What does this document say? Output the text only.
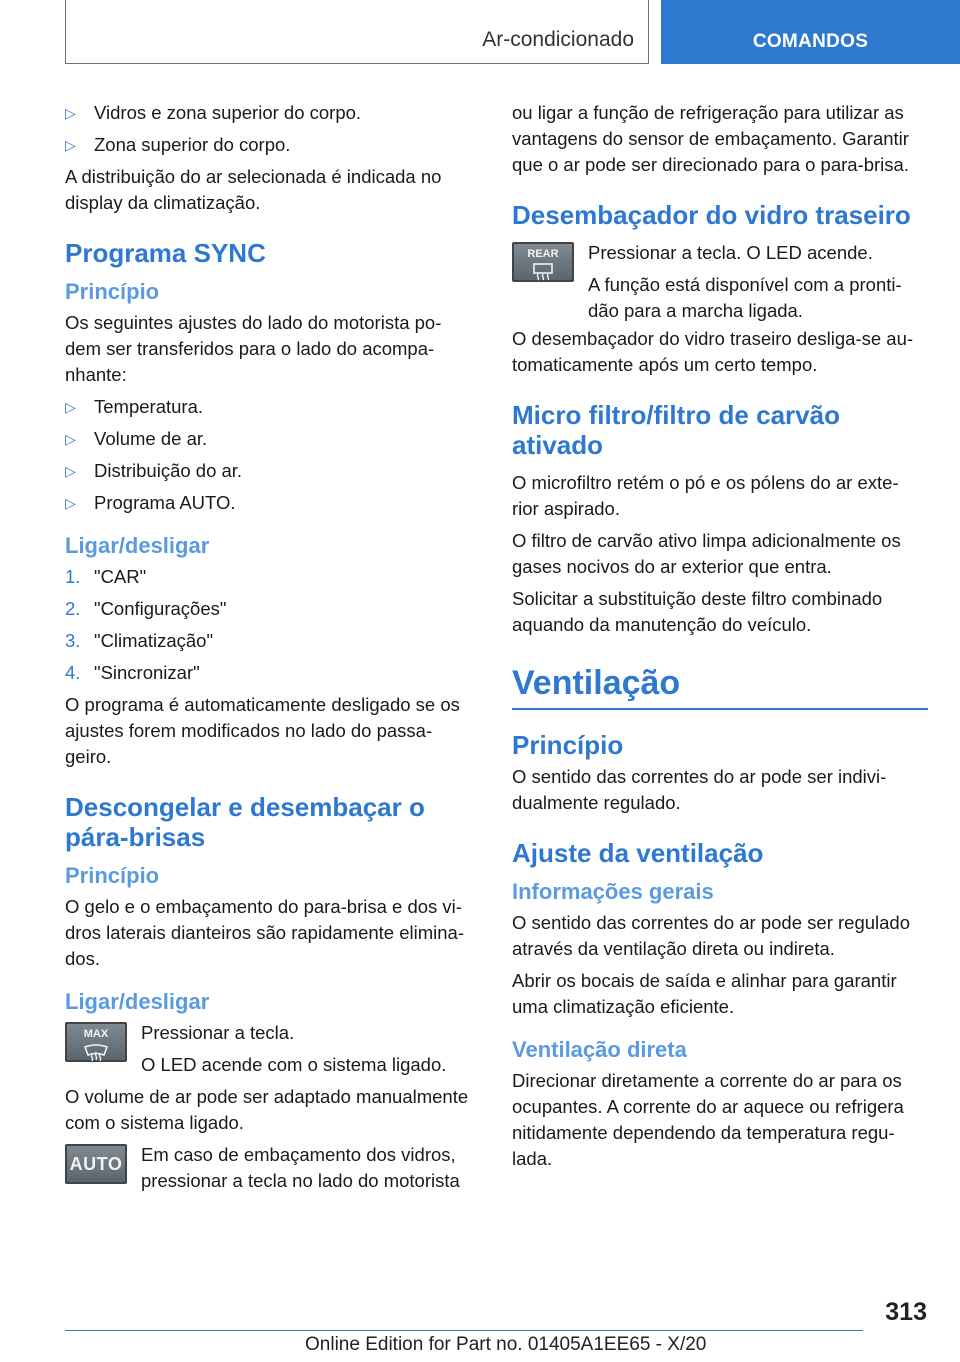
Ar-condicionado	COMANDOS
▷ Vidros e zona superior do corpo.
▷ Zona superior do corpo.

A distribuição do ar selecionada é indicada no display da climatização.

Programa SYNC
Princípio

Os seguintes ajustes do lado do motorista po- dem ser transferidos para o lado do acompa- nhante:

▷ Temperatura.
▷ Volume de ar.
▷ Distribuição do ar.
▷ Programa AUTO.
Ligar/desligar
1. "CAR"
2. "Configurações"
3. "Climatização"
4. "Sincronizar"

O programa é automaticamente desligado se os ajustes forem modificados no lado do passa- geiro.

Descongelar e desembaçar o pára-brisas
Princípio

O gelo e o embaçamento do para-brisa e dos vi- dros laterais dianteiros são rapidamente elimina- dos.

Ligar/desligar
MAX	Pressionar a tecla.

O LED acende com o sistema ligado.

O volume de ar pode ser adaptado manualmente com o sistema ligado.

AUTO Em caso de embaçamento dos vidros, pressionar a tecla no lado do motorista

ou ligar a função de refrigeração para utilizar as vantagens do sensor de embaçamento. Garantir que o ar pode ser direcionado para o para-brisa.

Desembaçador do vidro traseiro
REAR	Pressionar a tecla. O LED acende.

A função está disponível com a pronti- dão para a marcha ligada.

O desembaçador do vidro traseiro desliga-se au- tomaticamente após um certo tempo.

Micro filtro/filtro de carvão ativado

O microfiltro retém o pó e os pólens do ar exte- rior aspirado.

O filtro de carvão ativo limpa adicionalmente os gases nocivos do ar exterior que entra.

Solicitar a substituição deste filtro combinado aquando da manutenção do veículo.

Ventilação
Princípio

O sentido das correntes do ar pode ser indivi- dualmente regulado.

Ajuste da ventilação
Informações gerais

O sentido das correntes do ar pode ser regulado através da ventilação direta ou indireta.

Abrir os bocais de saída e alinhar para garantir uma climatização eficiente.

Ventilação direta

Direcionar diretamente a corrente do ar para os ocupantes. A corrente do ar aquece ou refrigera nitidamente dependendo da temperatura regu- lada.

313
Online Edition for Part no. 01405A1EE65 - X/20
